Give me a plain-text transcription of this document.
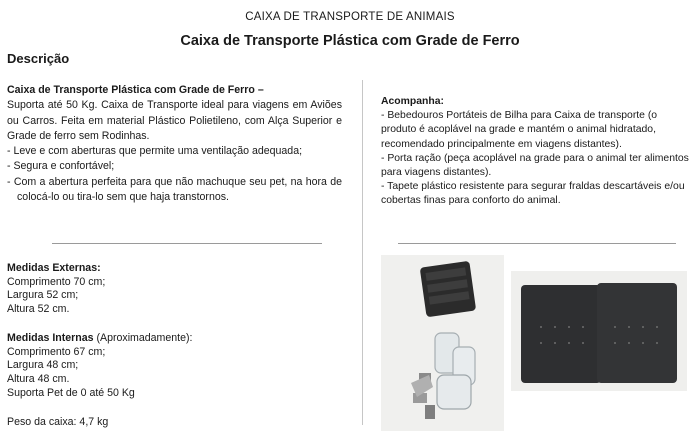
CAIXA DE TRANSPORTE DE ANIMAIS
Caixa de Transporte Plástica com Grade de Ferro
Descrição

Caixa de Transporte Plástica com Grade de Ferro –

Suporta até 50 Kg. Caixa de Transporte ideal para viagens em Aviões ou Carros. Feita em material Plástico Polietileno, com Alça Superior e Grade de ferro sem Rodinhas.

- Leve e com aberturas que permite uma ventilação adequada;

- Segura e confortável;

- Com a abertura perfeita para que não machuque seu pet, na hora de colocá-lo ou tira-lo sem que haja transtornos.

Acompanha:

- Bebedouros Portáteis de Bilha para Caixa de transporte (o produto é acoplável na grade e mantém o animal hidratado, recomendado principalmente em viagens distantes).

- Porta ração (peça acoplável na grade para o animal ter alimentos para viagens distantes).

- Tapete plástico resistente para segurar fraldas descartáveis e/ou cobertas finas para conforto do animal.

Medidas Externas:

Comprimento 70 cm;

Largura 52 cm;

Altura 52 cm.

Medidas Internas (Aproximadamente):

Comprimento 67 cm;

Largura 48 cm;

Altura 48 cm.

Suporta Pet de 0 até 50 Kg

Peso da caixa: 4,7 kg
